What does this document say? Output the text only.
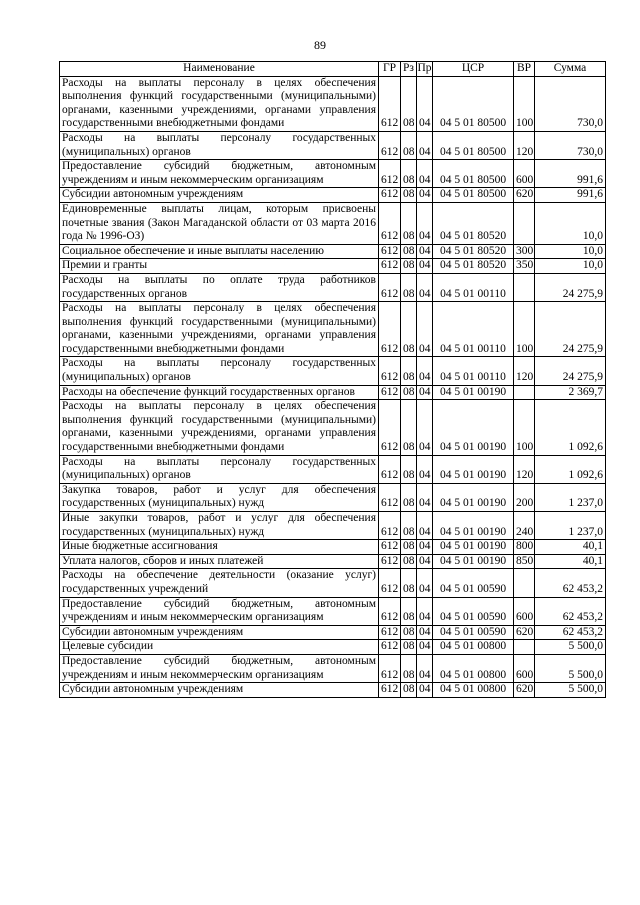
89
Наименование	ГР	Рз	Пр	ЦСР	ВР	Сумма
Расходы на выплаты персоналу в целях обеспечения выполнения функций государственными (муниципальными) органами, казенными учреждениями, органами управления государственными внебюджетными фондами	612	08	04	04 5 01 80500	100	730,0
Расходы на выплаты персоналу государственных (муниципальных) органов	612	08	04	04 5 01 80500	120	730,0
Предоставление субсидий бюджетным, автономным учреждениям и иным некоммерческим организациям	612	08	04	04 5 01 80500	600	991,6
Субсидии автономным учреждениям	612	08	04	04 5 01 80500	620	991,6
Единовременные выплаты лицам, которым присвоены почетные звания (Закон Магаданской области от 03 марта 2016 года № 1996-ОЗ)	612	08	04	04 5 01 80520		10,0
Социальное обеспечение и иные выплаты населению	612	08	04	04 5 01 80520	300	10,0
Премии и гранты	612	08	04	04 5 01 80520	350	10,0
Расходы на выплаты по оплате труда работников государственных органов	612	08	04	04 5 01 00110		24 275,9
Расходы на выплаты персоналу в целях обеспечения выполнения функций государственными (муниципальными) органами, казенными учреждениями, органами управления государственными внебюджетными фондами	612	08	04	04 5 01 00110	100	24 275,9
Расходы на выплаты персоналу государственных (муниципальных) органов	612	08	04	04 5 01 00110	120	24 275,9
Расходы на обеспечение функций государственных органов	612	08	04	04 5 01 00190		2 369,7
Расходы на выплаты персоналу в целях обеспечения выполнения функций государственными (муниципальными) органами, казенными учреждениями, органами управления государственными внебюджетными фондами	612	08	04	04 5 01 00190	100	1 092,6
Расходы на выплаты персоналу государственных (муниципальных) органов	612	08	04	04 5 01 00190	120	1 092,6
Закупка товаров, работ и услуг для обеспечения государственных (муниципальных) нужд	612	08	04	04 5 01 00190	200	1 237,0
Иные закупки товаров, работ и услуг для обеспечения государственных (муниципальных) нужд	612	08	04	04 5 01 00190	240	1 237,0
Иные бюджетные ассигнования	612	08	04	04 5 01 00190	800	40,1
Уплата налогов, сборов и иных платежей	612	08	04	04 5 01 00190	850	40,1
Расходы на обеспечение деятельности (оказание услуг) государственных учреждений	612	08	04	04 5 01 00590		62 453,2
Предоставление субсидий бюджетным, автономным учреждениям и иным некоммерческим организациям	612	08	04	04 5 01 00590	600	62 453,2
Субсидии автономным учреждениям	612	08	04	04 5 01 00590	620	62 453,2
Целевые субсидии	612	08	04	04 5 01 00800		5 500,0
Предоставление субсидий бюджетным, автономным учреждениям и иным некоммерческим организациям	612	08	04	04 5 01 00800	600	5 500,0
Субсидии автономным учреждениям	612	08	04	04 5 01 00800	620	5 500,0
